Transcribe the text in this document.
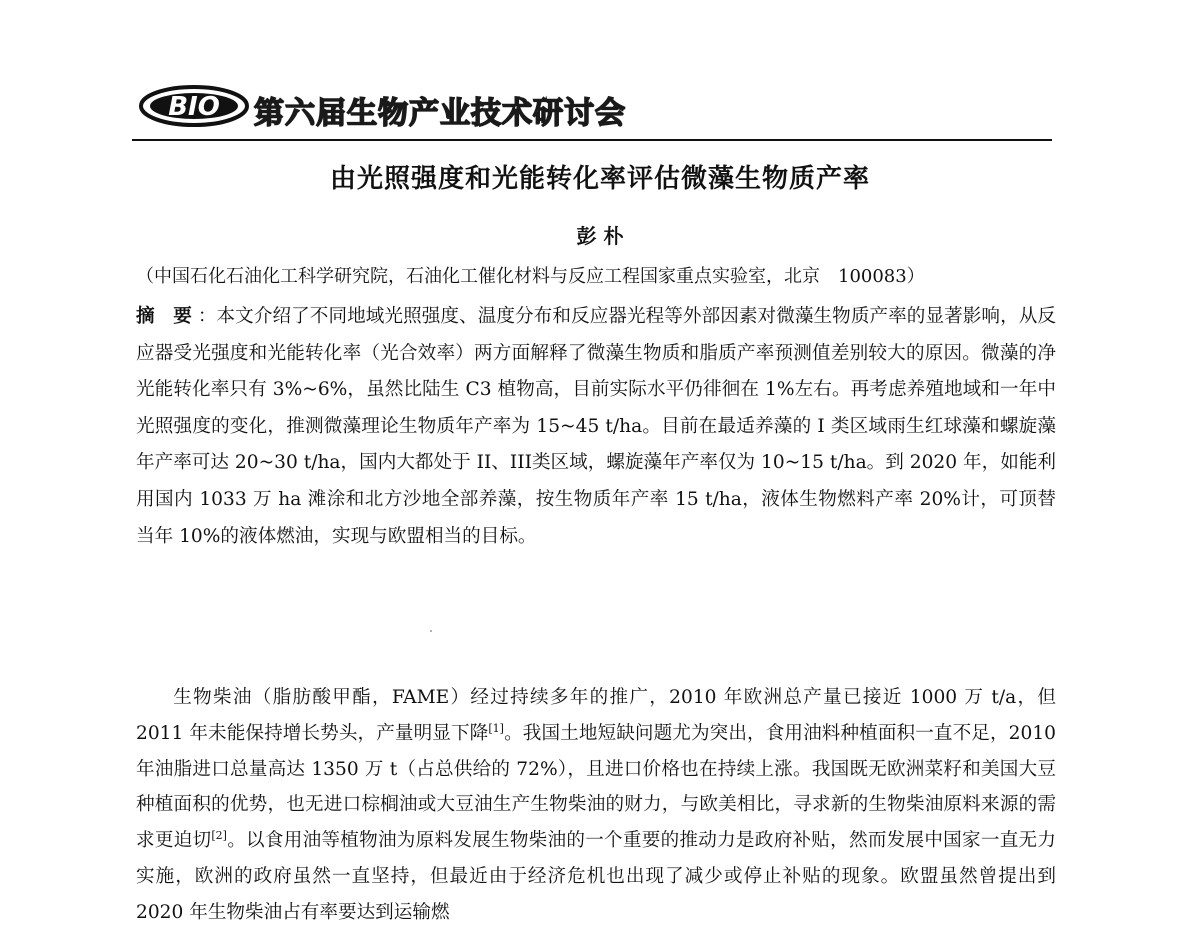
BIO 第六届生物产业技术研讨会
由光照强度和光能转化率评估微藻生物质产率
彭 朴
（中国石化石油化工科学研究院，石油化工催化材料与反应工程国家重点实验室，北京　100083）
摘 要：本文介绍了不同地域光照强度、温度分布和反应器光程等外部因素对微藻生物质产率的显著影响，从反应器受光强度和光能转化率（光合效率）两方面解释了微藻生物质和脂质产率预测值差别较大的原因。微藻的净光能转化率只有 3%~6%，虽然比陆生 C3 植物高，目前实际水平仍徘徊在 1%左右。再考虑养殖地域和一年中光照强度的变化，推测微藻理论生物质年产率为 15~45 t/ha。目前在最适养藻的 I 类区域雨生红球藻和螺旋藻年产率可达 20~30 t/ha，国内大都处于 II、III类区域，螺旋藻年产率仅为 10~15 t/ha。到 2020 年，如能利用国内 1033 万 ha 滩涂和北方沙地全部养藻，按生物质年产率 15 t/ha，液体生物燃料产率 20%计，可顶替当年 10%的液体燃油，实现与欧盟相当的目标。
生物柴油（脂肪酸甲酯，FAME）经过持续多年的推广，2010 年欧洲总产量已接近 1000 万 t/a，但 2011 年未能保持增长势头，产量明显下降[1]。我国土地短缺问题尤为突出，食用油料种植面积一直不足，2010 年油脂进口总量高达 1350 万 t（占总供给的 72%），且进口价格也在持续上涨。我国既无欧洲菜籽和美国大豆种植面积的优势，也无进口棕榈油或大豆油生产生物柴油的财力，与欧美相比，寻求新的生物柴油原料来源的需求更迫切[2]。以食用油等植物油为原料发展生物柴油的一个重要的推动力是政府补贴，然而发展中国家一直无力实施，欧洲的政府虽然一直坚持，但最近由于经济危机也出现了减少或停止补贴的现象。欧盟虽然曾提出到 2020 年生物柴油占有率要达到运输燃
